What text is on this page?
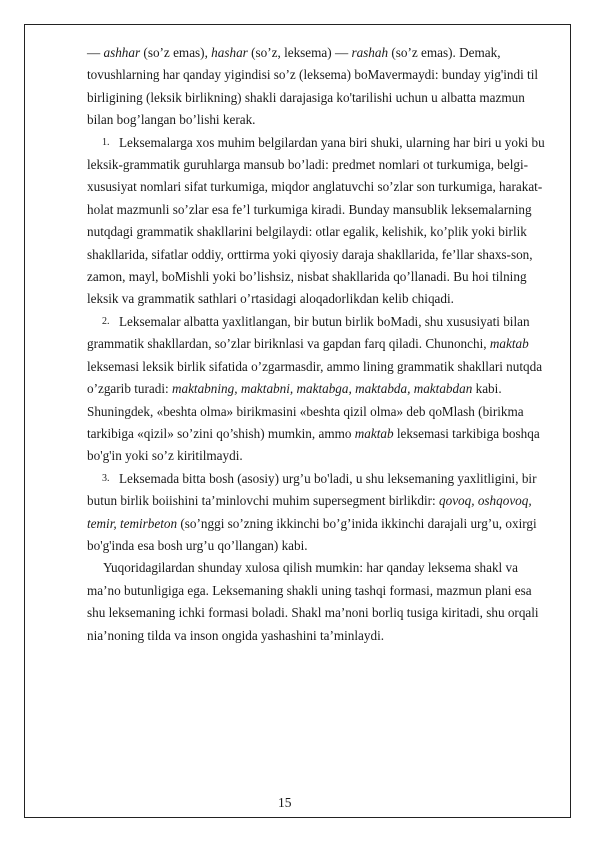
— ashhar (so’z emas), hashar (so’z, leksema) — rashah (so’z emas). Demak, tovushlarning har qanday yigindisi so’z (leksema) boMavermaydi: bunday yig'indi til birligining (leksik birlikning) shakli darajasiga ko'tarilishi uchun u albatta mazmun bilan bog’langan bo’lishi kerak.

1. Leksemalarga xos muhim belgilardan yana biri shuki, ularning har biri u yoki bu leksik-grammatik guruhlarga mansub bo’ladi: predmet nomlari ot turkumiga, belgi-xususiyat nomlari sifat turkumiga, miqdor anglatuvchi so’zlar son turkumiga, harakat-holat mazmunli so’zlar esa fe’l turkumiga kiradi. Bunday mansublik leksemalarning nutqdagi grammatik shakllarini belgilaydi: otlar egalik, kelishik, ko’plik yoki birlik shakllarida, sifatlar oddiy, orttirma yoki qiyosiy daraja shakllarida, fe’llar shaxs-son, zamon, mayl, boMishli yoki bo’lishsiz, nisbat shakllarida qo’llanadi. Bu hoi tilning leksik va grammatik sathlari o’rtasidagi aloqadorlikdan kelib chiqadi.

2. Leksemalar albatta yaxlitlangan, bir butun birlik boMadi, shu xususiyati bilan grammatik shakllardan, so’zlar biriknlasi va gapdan farq qiladi. Chunonchi, maktab leksemasi leksik birlik sifatida o’zgarmasdir, ammo lining grammatik shakllari nutqda o’zgarib turadi: maktabning, maktabni, maktabga, maktabda, maktabdan kabi. Shuningdek, «beshta olma» birikmasini «beshta qizil olma» deb qoMlash (birikma tarkibiga «qizil» so’zini qo’shish) mumkin, ammo maktab leksemasi tarkibiga boshqa bo'g'in yoki so’z kiritilmaydi.

3. Leksemada bitta bosh (asosiy) urg’u bo'ladi, u shu leksemaning yaxlitligini, bir butun birlik boiishini ta’minlovchi muhim supersegment birlikdir: qovoq, oshqovoq, temir, temirbeton (so’nggi so’zning ikkinchi bo’g’inida ikkinchi darajali urg’u, oxirgi bo'g'inda esa bosh urg’u qo’llangan) kabi.

Yuqoridagilardan shunday xulosa qilish mumkin: har qanday leksema shakl va ma’no butunligiga ega. Leksemaning shakli uning tashqi formasi, mazmun plani esa shu leksemaning ichki formasi boladi. Shakl ma’noni borliq tusiga kiritadi, shu orqali nia’noning tilda va inson ongida yashashini ta’minlaydi.

15
